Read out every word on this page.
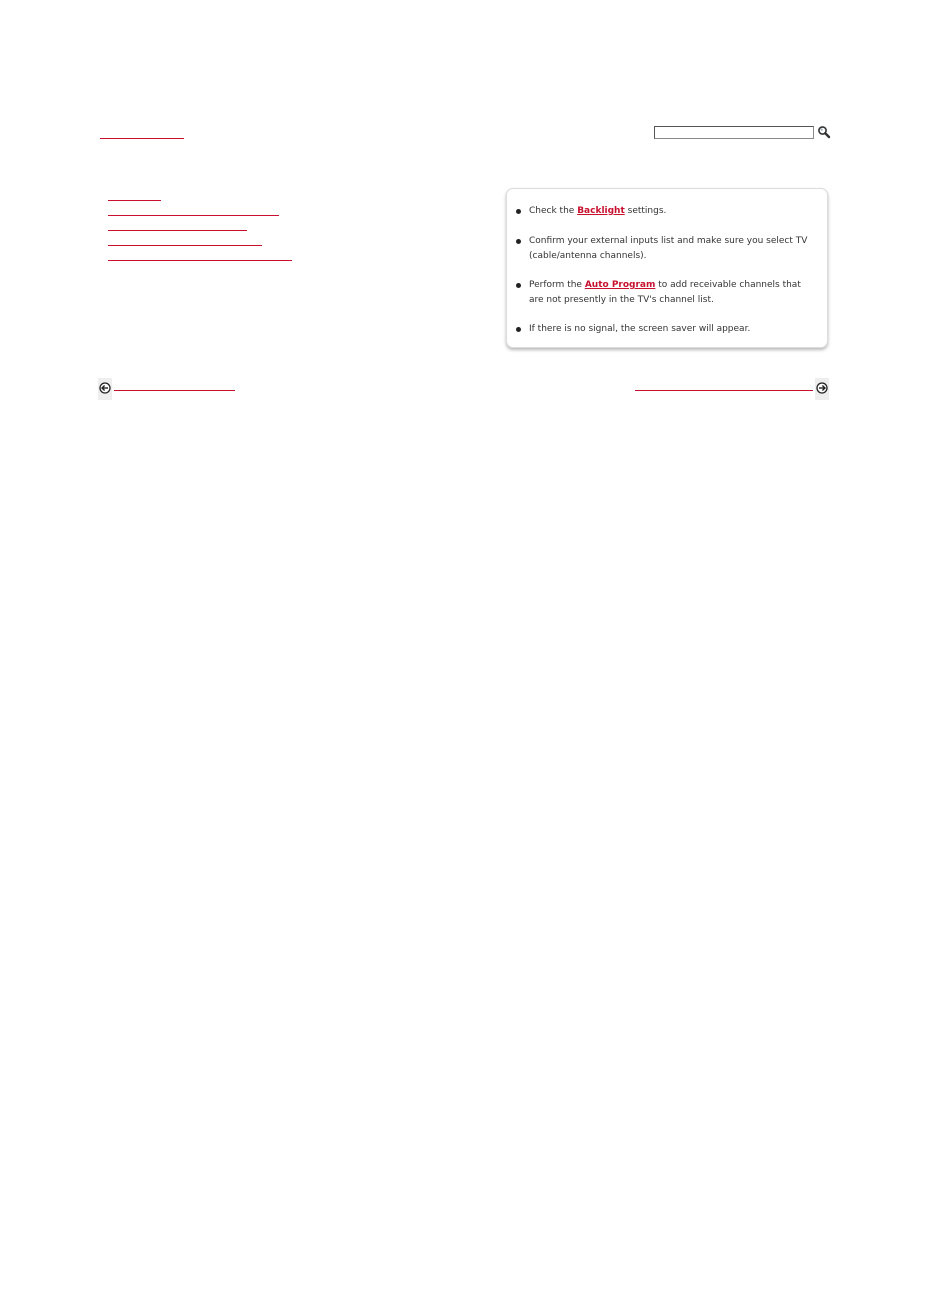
Check the Backlight settings.
Confirm your external inputs list and make sure you select TV (cable/antenna channels).
Perform the Auto Program to add receivable channels that are not presently in the TV's channel list.
If there is no signal, the screen saver will appear.
